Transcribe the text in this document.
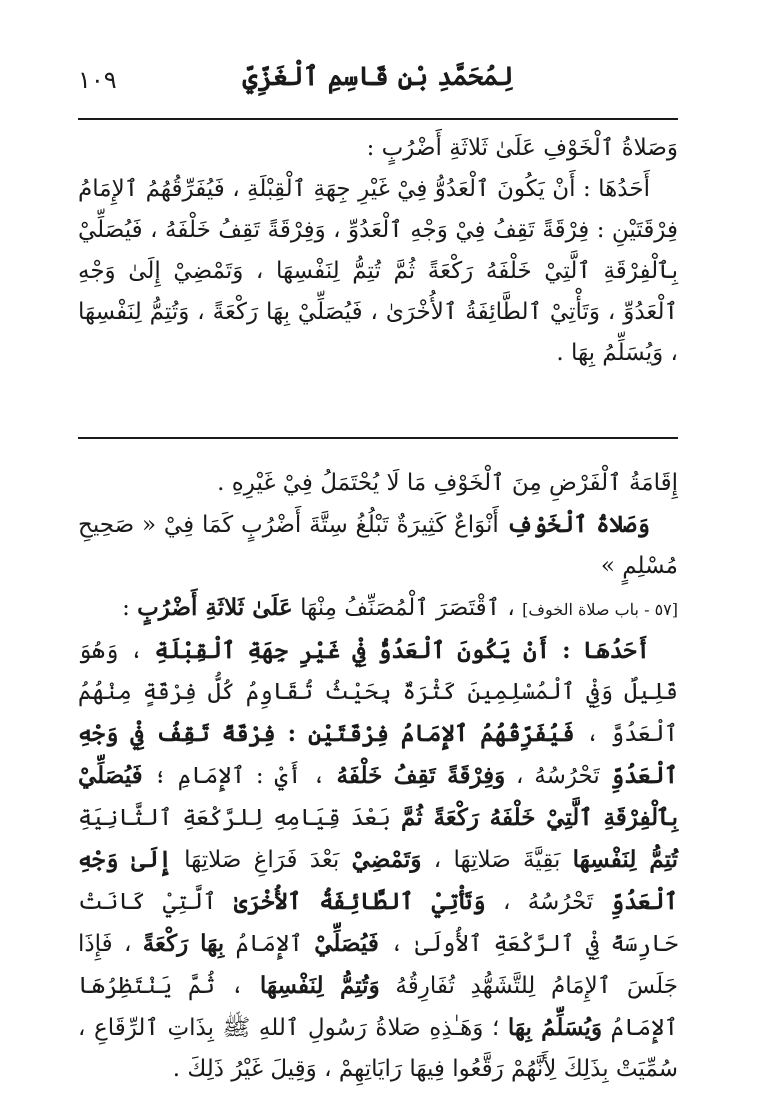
١٠٩	لِمُحَمَّدِ بْنِ قَاسِمِ ٱلْغَزِّيِّ

وَصَلاةُ ٱلْخَوْفِ عَلَىٰ ثَلاثَةِ أَضْرُبٍ :

أَحَدُهَا : أَنْ يَكُونَ ٱلْعَدُوُّ فِيْ غَيْرِ جِهَةِ ٱلْقِبْلَةِ ، فَيُفَرِّقُهُمُ ٱلإِمَامُ فِرْقَتَيْنِ : فِرْقَةً تَقِفُ فِيْ وَجْهِ ٱلْعَدُوِّ ، وَفِرْقَةً تَقِفُ خَلْفَهُ ، فَيُصَلِّيْ بِٱلْفِرْقَةِ ٱلَّتِيْ خَلْفَهُ رَكْعَةً ثُمَّ تُتِمُّ لِنَفْسِهَا ، وَتَمْضِيْ إِلَىٰ وَجْهِ ٱلْعَدُوِّ ، وَتَأْتِيْ ٱلطَّائِفَةُ ٱلأُخْرَىٰ ، فَيُصَلِّيْ بِهَا رَكْعَةً ، وَتُتِمُّ لِنَفْسِهَا ، وَيُسَلِّمُ بِهَا .

إِقَامَةُ ٱلْفَرْضِ مِنَ ٱلْخَوْفِ مَا لَا يُحْتَمَلُ فِيْ غَيْرِهِ .

وَصَلاةُ ٱلْخَوْفِ أَنْوَاعٌ كَثِيرَةٌ تَبْلُغُ سِتَّةَ أَضْرُبٍ كَمَا فِيْ « صَحِيحِ مُسْلِمٍ »

[٥٧ - باب صلاة الخوف] ، ٱقْتَصَرَ ٱلْمُصَنِّفُ مِنْهَا عَلَىٰ ثَلاثَةِ أَضْرُبٍ :

أَحَدُهَا : أَنْ يَكُونَ ٱلْعَدُوُّ فِيْ غَيْرِ جِهَةِ ٱلْقِبْلَةِ ، وَهُوَ قَلِيلٌ وَفِيْ ٱلْمُسْلِمِينَ كَثْرَةٌ بِحَيْثُ تُقَاوِمُ كُلُّ فِرْقَةٍ مِنْهُمُ ٱلْعَدُوَّ ، فَيُفَرِّقُهُمُ ٱلإِمَامُ فِرْقَتَيْنِ : فِرْقَةً تَقِفُ فِيْ وَجْهِ ٱلْعَدُوِّ تَحْرُسُهُ ، وَفِرْقَةً تَقِفُ خَلْفَهُ ، أَيْ : ٱلإِمَامِ ؛ فَيُصَلِّيْ بِٱلْفِرْقَةِ ٱلَّتِيْ خَلْفَهُ رَكْعَةً ثُمَّ بَعْدَ قِيَامِهِ لِلرَّكْعَةِ ٱلثَّانِيَةِ تُتِمُّ لِنَفْسِهَا بَقِيَّةَ صَلاتِهَا ، وَتَمْضِيْ بَعْدَ فَرَاغِ صَلاتِهَا إِلَىٰ وَجْهِ ٱلْعَدُوِّ تَحْرُسُهُ ، وَتَأْتِيْ ٱلطَّائِفَةُ ٱلأُخْرَىٰ ٱلَّتِيْ كَانَتْ حَارِسَةً فِيْ ٱلرَّكْعَةِ ٱلأُولَىٰ ، فَيُصَلِّيْ ٱلإِمَامُ بِهَا رَكْعَةً ، فَإِذَا جَلَسَ ٱلإِمَامُ لِلتَّشَهُّدِ تُفَارِقُهُ وَتُتِمُّ لِنَفْسِهَا ، ثُمَّ يَنْتَظِرُهَا ٱلإِمَامُ وَيُسَلِّمُ بِهَا ؛ وَهَـٰذِهِ صَلاةُ رَسُولِ ٱللهِ ﷺ بِذَاتِ ٱلرِّقَاعِ ، سُمِّيَتْ بِذَلِكَ لِأَنَّهُمْ رَقَّعُوا فِيهَا رَايَاتِهِمْ ، وَقِيلَ غَيْرُ ذَلِكَ .
